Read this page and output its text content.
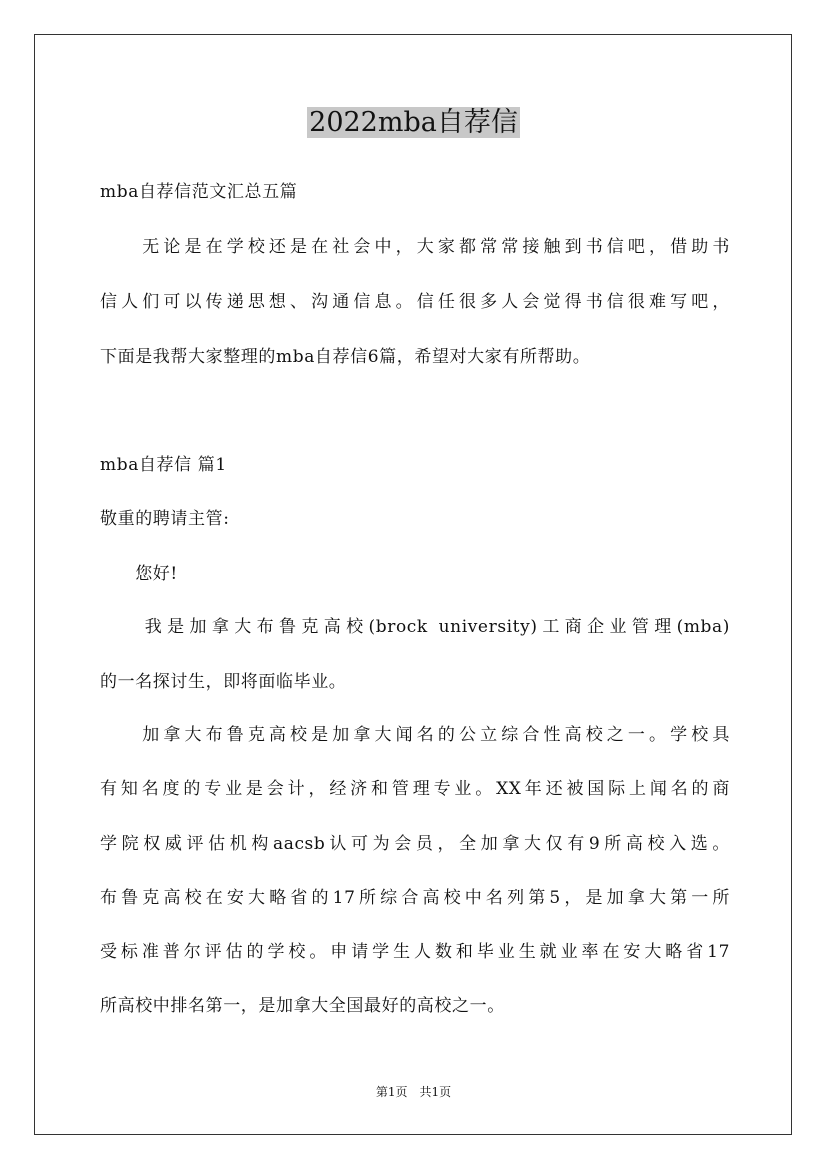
2022mba自荐信
mba自荐信范文汇总五篇
　　无论是在学校还是在社会中，大家都常常接触到书信吧，借助书
信人们可以传递思想、沟通信息。信任很多人会觉得书信很难写吧，
下面是我帮大家整理的mba自荐信6篇，希望对大家有所帮助。
mba自荐信 篇1
敬重的聘请主管:
　　您好!
　　我是加拿大布鲁克高校(brock university)工商企业管理(mba)
的一名探讨生，即将面临毕业。
　　加拿大布鲁克高校是加拿大闻名的公立综合性高校之一。学校具
有知名度的专业是会计，经济和管理专业。XX年还被国际上闻名的商
学院权威评估机构aacsb认可为会员，全加拿大仅有9所高校入选。
布鲁克高校在安大略省的17所综合高校中名列第5，是加拿大第一所
受标准普尔评估的学校。申请学生人数和毕业生就业率在安大略省17
所高校中排名第一，是加拿大全国最好的高校之一。
第1页　共1页
